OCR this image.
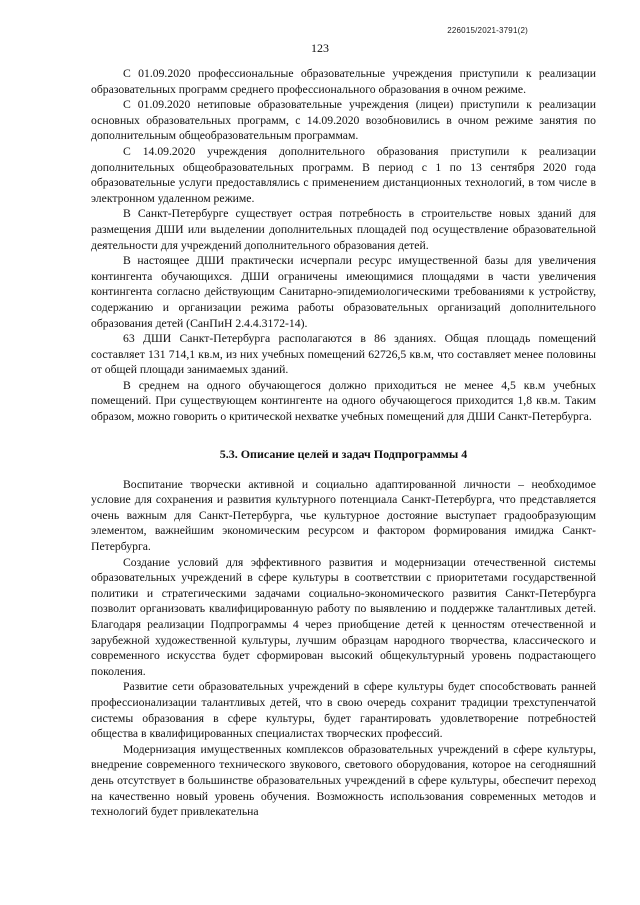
226015/2021-3791(2)
123

С 01.09.2020 профессиональные образовательные учреждения приступили к реализации образовательных программ среднего профессионального образования в очном режиме.

С 01.09.2020 нетиповые образовательные учреждения (лицеи) приступили к реализации основных образовательных программ, с 14.09.2020 возобновились в очном режиме занятия по дополнительным общеобразовательным программам.

С 14.09.2020 учреждения дополнительного образования приступили к реализации дополнительных общеобразовательных программ. В период с 1 по 13 сентября 2020 года образовательные услуги предоставлялись с применением дистанционных технологий, в том числе в электронном удаленном режиме.

В Санкт-Петербурге существует острая потребность в строительстве новых зданий для размещения ДШИ или выделении дополнительных площадей под осуществление образовательной деятельности для учреждений дополнительного образования детей.

В настоящее ДШИ практически исчерпали ресурс имущественной базы для увеличения контингента обучающихся. ДШИ ограничены имеющимися площадями в части увеличения контингента согласно действующим Санитарно-эпидемиологическими требованиями к устройству, содержанию и организации режима работы образовательных организаций дополнительного образования детей (СанПиН 2.4.4.3172-14).

63 ДШИ Санкт-Петербурга располагаются в 86 зданиях. Общая площадь помещений составляет 131 714,1 кв.м, из них учебных помещений 62726,5 кв.м, что составляет менее половины от общей площади занимаемых зданий.

В среднем на одного обучающегося должно приходиться не менее 4,5 кв.м учебных помещений. При существующем контингенте на одного обучающегося приходится 1,8 кв.м. Таким образом, можно говорить о критической нехватке учебных помещений для ДШИ Санкт-Петербурга.

5.3. Описание целей и задач Подпрограммы 4

Воспитание творчески активной и социально адаптированной личности – необходимое условие для сохранения и развития культурного потенциала Санкт-Петербурга, что представляется очень важным для Санкт-Петербурга, чье культурное достояние выступает градообразующим элементом, важнейшим экономическим ресурсом и фактором формирования имиджа Санкт-Петербурга.

Создание условий для эффективного развития и модернизации отечественной системы образовательных учреждений в сфере культуры в соответствии с приоритетами государственной политики и стратегическими задачами социально-экономического развития Санкт-Петербурга позволит организовать квалифицированную работу по выявлению и поддержке талантливых детей. Благодаря реализации Подпрограммы 4 через приобщение детей к ценностям отечественной и зарубежной художественной культуры, лучшим образцам народного творчества, классического и современного искусства будет сформирован высокий общекультурный уровень подрастающего поколения.

Развитие сети образовательных учреждений в сфере культуры будет способствовать ранней профессионализации талантливых детей, что в свою очередь сохранит традиции трехступенчатой системы образования в сфере культуры, будет гарантировать удовлетворение потребностей общества в квалифицированных специалистах творческих профессий.

Модернизация имущественных комплексов образовательных учреждений в сфере культуры, внедрение современного технического звукового, светового оборудования, которое на сегодняшний день отсутствует в большинстве образовательных учреждений в сфере культуры, обеспечит переход на качественно новый уровень обучения. Возможность использования современных методов и технологий будет привлекательна
